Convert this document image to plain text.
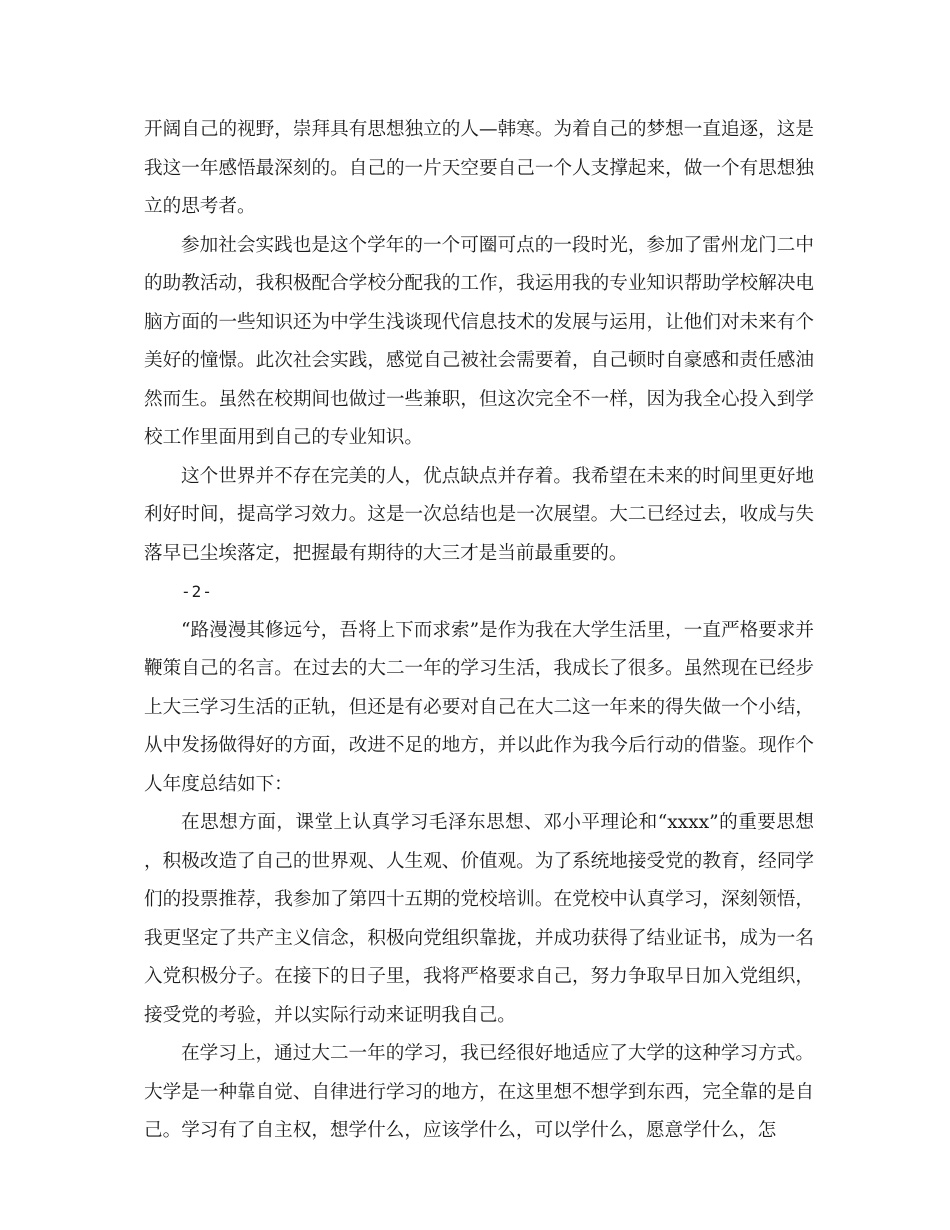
开阔自己的视野，崇拜具有思想独立的人—韩寒。为着自己的梦想一直追逐，这是我这一年感悟最深刻的。自己的一片天空要自己一个人支撑起来，做一个有思想独立的思考者。

参加社会实践也是这个学年的一个可圈可点的一段时光，参加了雷州龙门二中的助教活动，我积极配合学校分配我的工作，我运用我的专业知识帮助学校解决电脑方面的一些知识还为中学生浅谈现代信息技术的发展与运用，让他们对未来有个美好的憧憬。此次社会实践，感觉自己被社会需要着，自己顿时自豪感和责任感油然而生。虽然在校期间也做过一些兼职，但这次完全不一样，因为我全心投入到学校工作里面用到自己的专业知识。

这个世界并不存在完美的人，优点缺点并存着。我希望在未来的时间里更好地利好时间，提高学习效力。这是一次总结也是一次展望。大二已经过去，收成与失落早已尘埃落定，把握最有期待的大三才是当前最重要的。

-2-

“路漫漫其修远兮，吾将上下而求索”是作为我在大学生活里，一直严格要求并鞭策自己的名言。在过去的大二一年的学习生活，我成长了很多。虽然现在已经步上大三学习生活的正轨，但还是有必要对自己在大二这一年来的得失做一个小结，从中发扬做得好的方面，改进不足的地方，并以此作为我今后行动的借鉴。现作个人年度总结如下：

在思想方面，课堂上认真学习毛泽东思想、邓小平理论和“xxxx”的重要思想，积极改造了自己的世界观、人生观、价值观。为了系统地接受党的教育，经同学们的投票推荐，我参加了第四十五期的党校培训。在党校中认真学习，深刻领悟，我更坚定了共产主义信念，积极向党组织靠拢，并成功获得了结业证书，成为一名入党积极分子。在接下的日子里，我将严格要求自己，努力争取早日加入党组织，接受党的考验，并以实际行动来证明我自己。

在学习上，通过大二一年的学习，我已经很好地适应了大学的这种学习方式。大学是一种靠自觉、自律进行学习的地方，在这里想不想学到东西，完全靠的是自己。学习有了自主权，想学什么，应该学什么，可以学什么，愿意学什么，怎
